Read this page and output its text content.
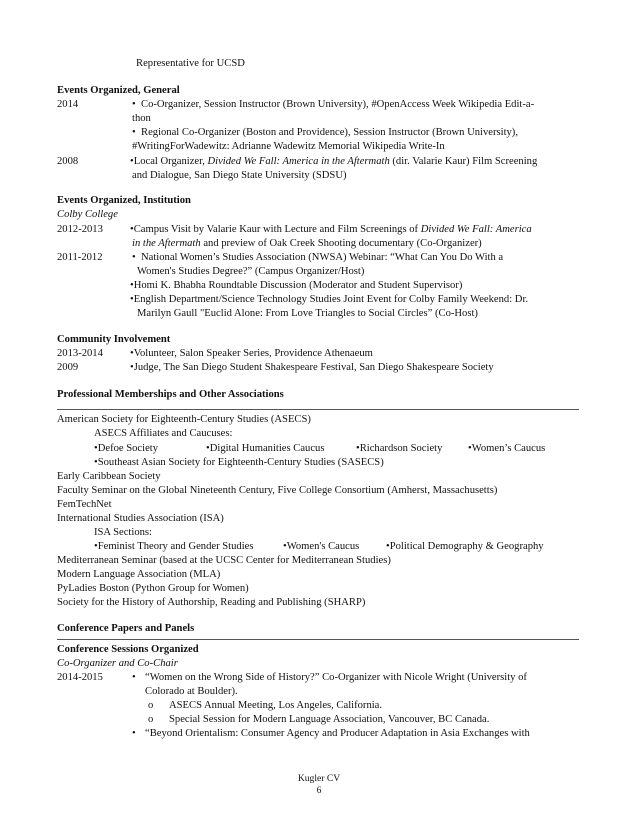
Representative for UCSD
Events Organized, General
2014	• Co-Organizer, Session Instructor (Brown University), #OpenAccess Week Wikipedia Edit-a-
thon
• Regional Co-Organizer (Boston and Providence), Session Instructor (Brown University),
#WritingForWadewitz: Adrianne Wadewitz Memorial Wikipedia Write-In
2008	•Local Organizer, Divided We Fall: America in the Aftermath (dir. Valarie Kaur) Film Screening
and Dialogue, San Diego State University (SDSU)
Events Organized, Institution
Colby College
2012-2013	•Campus Visit by Valarie Kaur with Lecture and Film Screenings of Divided We Fall: America
in the Aftermath and preview of Oak Creek Shooting documentary (Co-Organizer)
2011-2012	• National Women’s Studies Association (NWSA) Webinar: “What Can You Do With a
Women's Studies Degree?” (Campus Organizer/Host)
•Homi K. Bhabha Roundtable Discussion (Moderator and Student Supervisor)
•English Department/Science Technology Studies Joint Event for Colby Family Weekend: Dr.
Marilyn Gaull "Euclid Alone: From Love Triangles to Social Circles” (Co-Host)
Community Involvement
2013-2014	•Volunteer, Salon Speaker Series, Providence Athenaeum
2009	•Judge, The San Diego Student Shakespeare Festival, San Diego Shakespeare Society
Professional Memberships and Other Associations
American Society for Eighteenth-Century Studies (ASECS)
ASECS Affiliates and Caucuses:
•Defoe Society	•Digital Humanities Caucus	•Richardson Society •Women’s Caucus
•Southeast Asian Society for Eighteenth-Century Studies (SASECS)
Early Caribbean Society
Faculty Seminar on the Global Nineteenth Century, Five College Consortium (Amherst, Massachusetts)
FemTechNet
International Studies Association (ISA)
ISA Sections:
•Feminist Theory and Gender Studies	•Women's Caucus	•Political Demography & Geography
Mediterranean Seminar (based at the UCSC Center for Mediterranean Studies)
Modern Language Association (MLA)
PyLadies Boston (Python Group for Women)
Society for the History of Authorship, Reading and Publishing (SHARP)
Conference Papers and Panels
Conference Sessions Organized
Co-Organizer and Co-Chair
2014-2015	• “Women on the Wrong Side of History?” Co-Organizer with Nicole Wright (University of
Colorado at Boulder).
o ASECS Annual Meeting, Los Angeles, California.
o Special Session for Modern Language Association, Vancouver, BC Canada.
• “Beyond Orientalism: Consumer Agency and Producer Adaptation in Asia Exchanges with
Kugler CV
6
